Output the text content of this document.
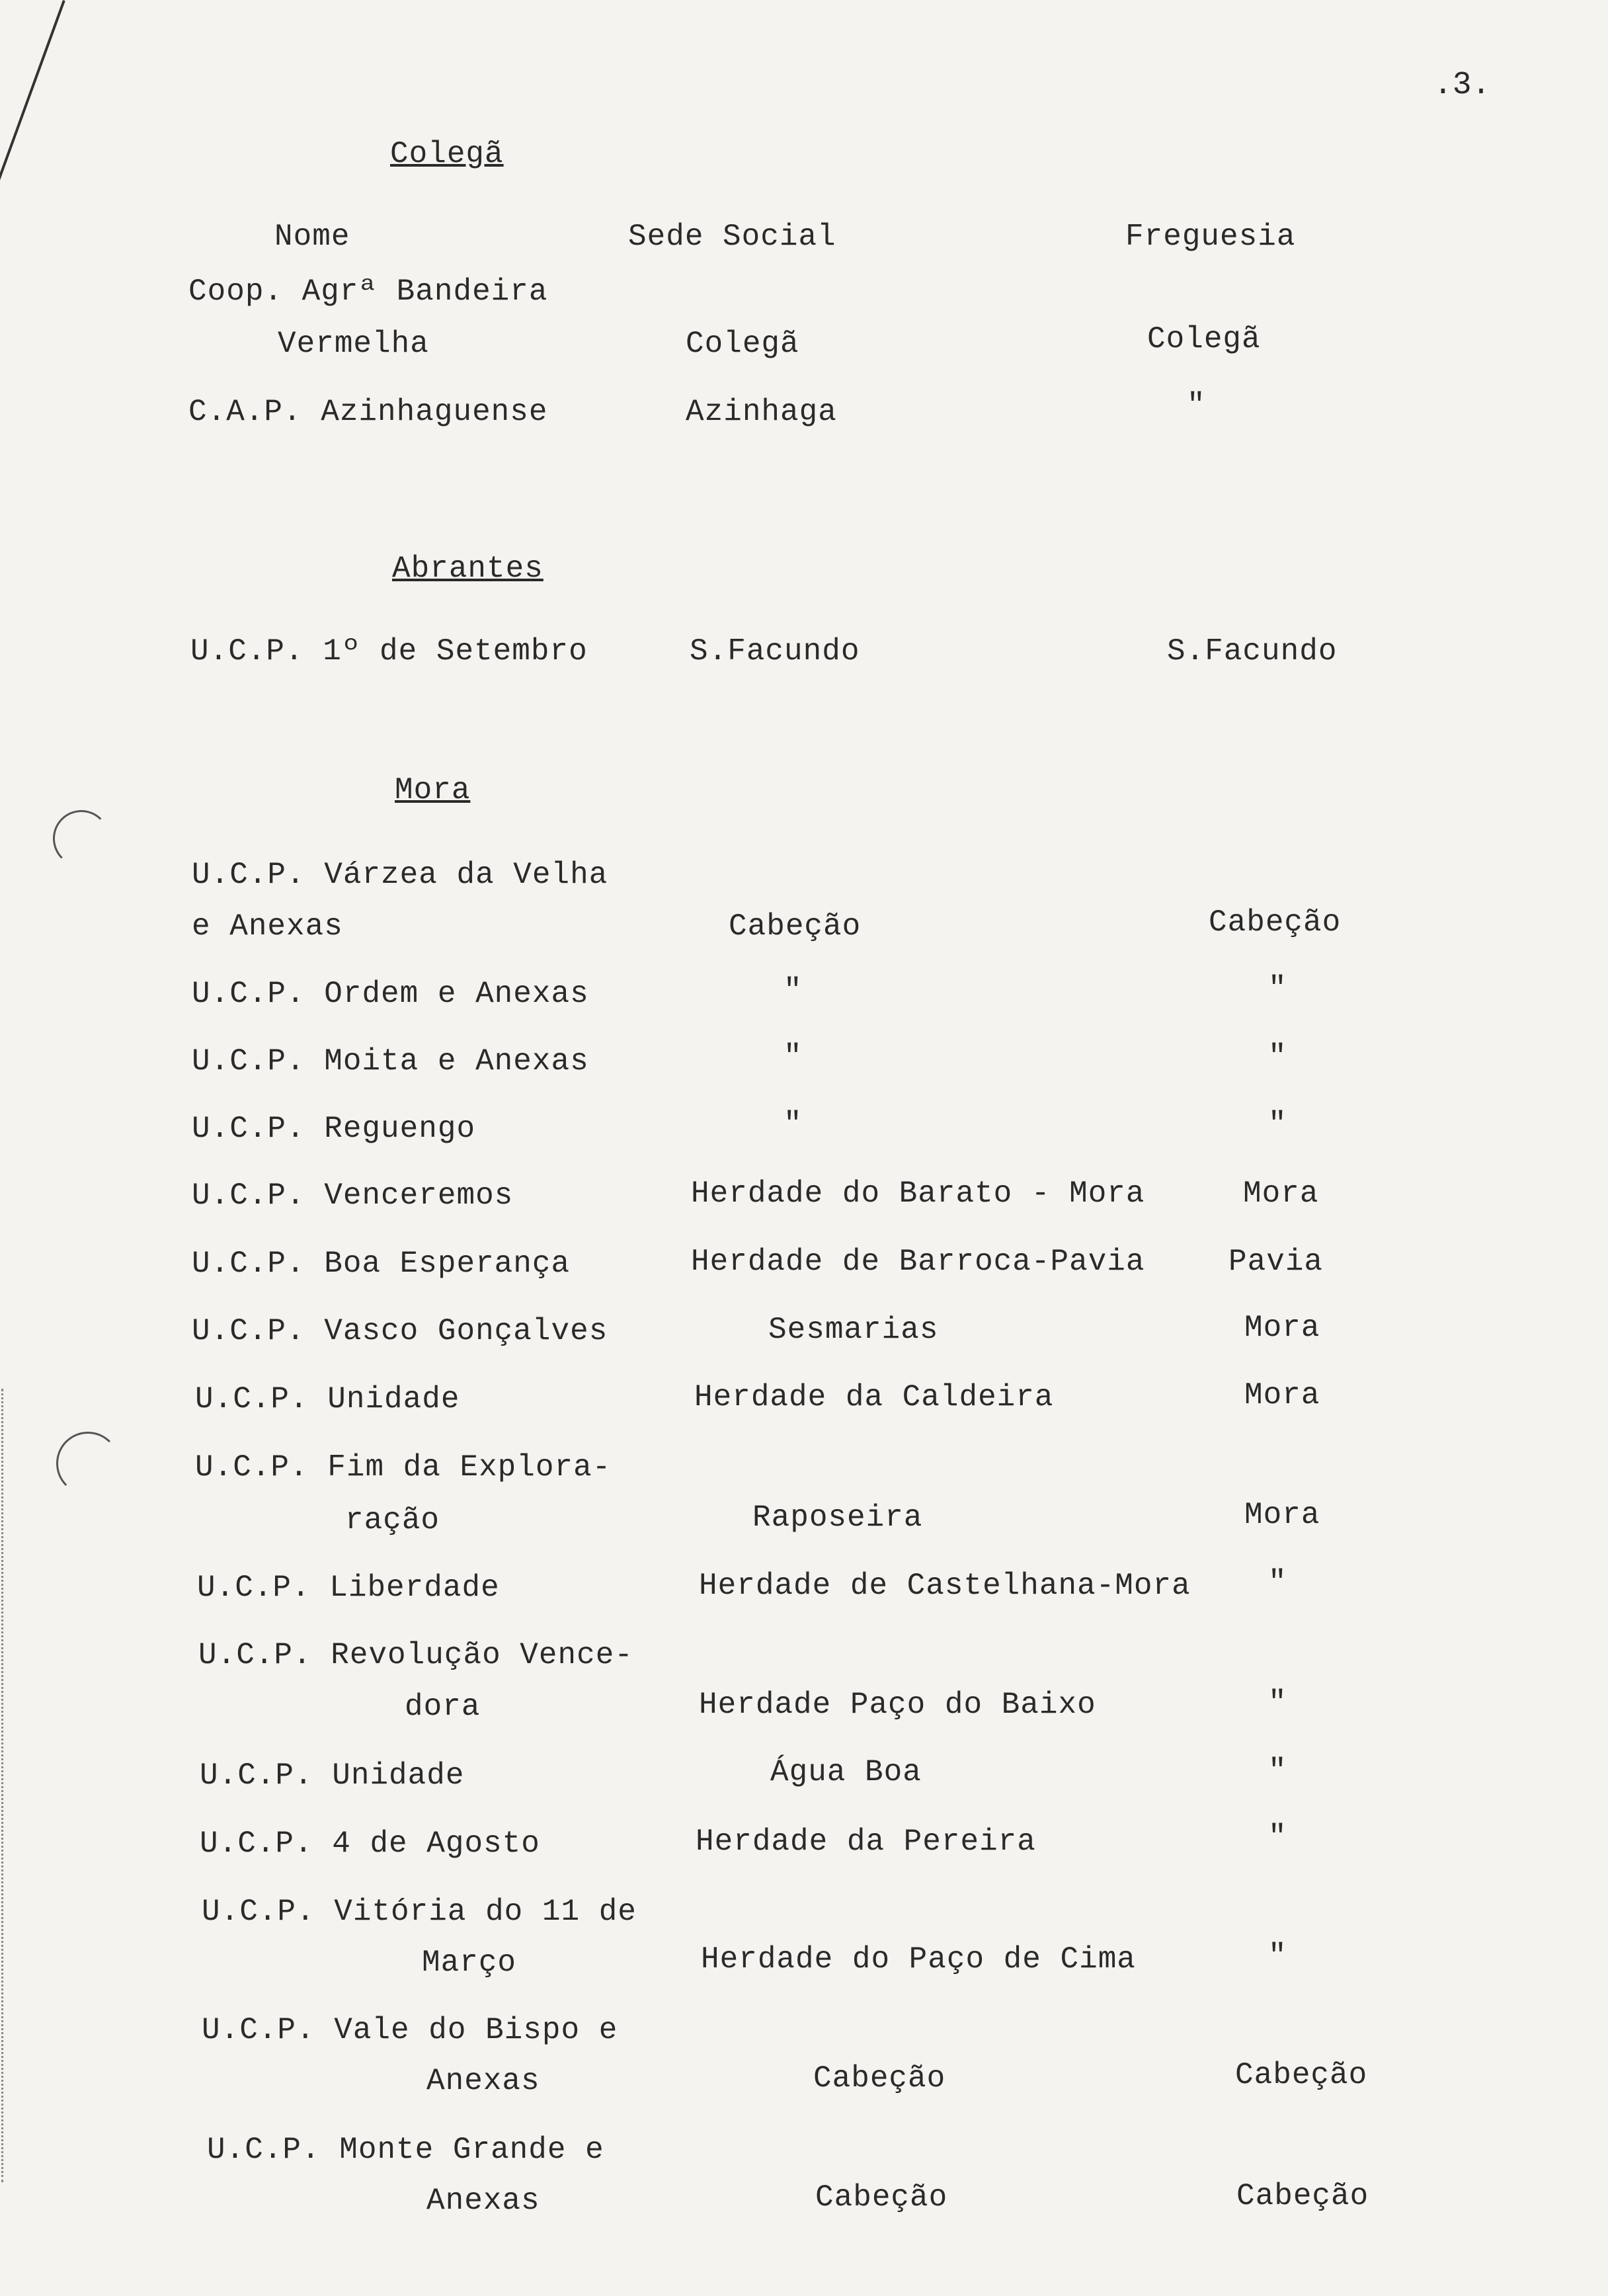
.3.
Colegã
Nome	Sede Social	Freguesia
Coop. Agrª Bandeira
Vermelha	Colegã	Colegã
C.A.P. Azinhaguense	Azinhaga	"
Abrantes
U.C.P. 1º de Setembro	S.Facundo	S.Facundo
Mora
U.C.P. Várzea da Velha
e Anexas	Cabeção	Cabeção
U.C.P. Ordem e Anexas	"	"
U.C.P. Moita e Anexas	"	"
U.C.P. Reguengo	"	"
U.C.P. Venceremos	Herdade do Barato - Mora	Mora
U.C.P. Boa Esperança	Herdade de Barroca-Pavia	Pavia
U.C.P. Vasco Gonçalves	Sesmarias	Mora
U.C.P. Unidade	Herdade da Caldeira	Mora
U.C.P. Fim da Explora-
ração	Raposeira	Mora
U.C.P. Liberdade	Herdade de Castelhana-Mora	"
U.C.P. Revolução Vence-
dora	Herdade Paço do Baixo	"
U.C.P. Unidade	Água Boa	"
U.C.P. 4 de Agosto	Herdade da Pereira	"
U.C.P. Vitória do 11 de
Março	Herdade do Paço de Cima	"
U.C.P. Vale do Bispo e
Anexas	Cabeção	Cabeção
U.C.P. Monte Grande e
Anexas	Cabeção	Cabeção
